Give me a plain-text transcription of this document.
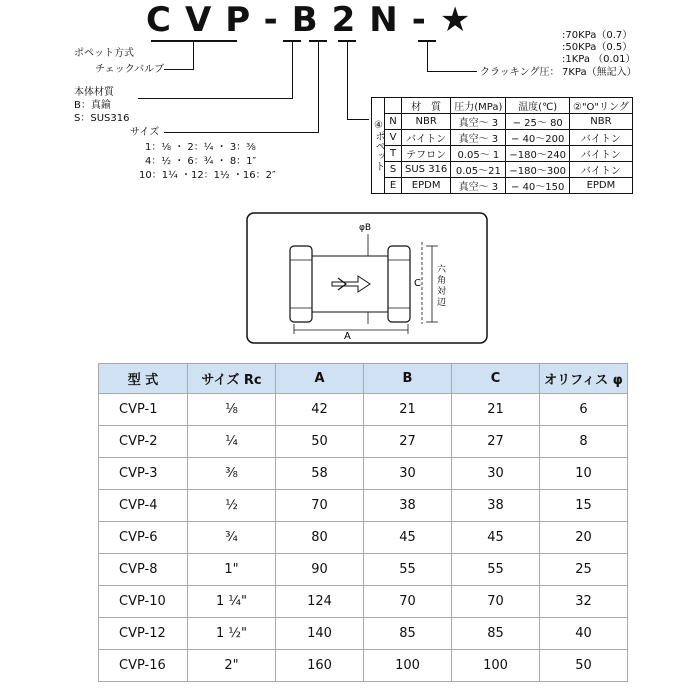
CVP-B2N-★
ポペット方式
チェックバルブ
本体材質
B：真鍮
S：SUS316
サイズ
1：⅛ ・ 2：¼ ・ 3：⅜
4：½ ・ 6：¾ ・ 8：1″
10：1¼ ・12：1½ ・16：2″
クラッキング圧：
:70KPa（0.7）
:50KPa（0.5）
:1KPa （0.01）
7KPa（無記入）
④ポペット		材　質	圧力(MPa)	温度(℃)	②"O"リング
	N	NBR	真空〜 3	− 25〜 80	NBR
	V	バイトン	真空〜 3	− 40〜200	バイトン
	T	テフロン	0.05〜 1	−180〜240	バイトン
	S	SUS 316	0.05〜21	−180〜300	バイトン
	E	EPDM	真空〜 3	− 40〜150	EPDM
φB
C
六
角
対
辺
A
型 式	サイズ Rc	A	B	C	オリフィス φ
CVP-1	⅛	42	21	21	6
CVP-2	¼	50	27	27	8
CVP-3	⅜	58	30	30	10
CVP-4	½	70	38	38	15
CVP-6	¾	80	45	45	20
CVP-8	1"	90	55	55	25
CVP-10	1 ¼"	124	70	70	32
CVP-12	1 ½"	140	85	85	40
CVP-16	2"	160	100	100	50
